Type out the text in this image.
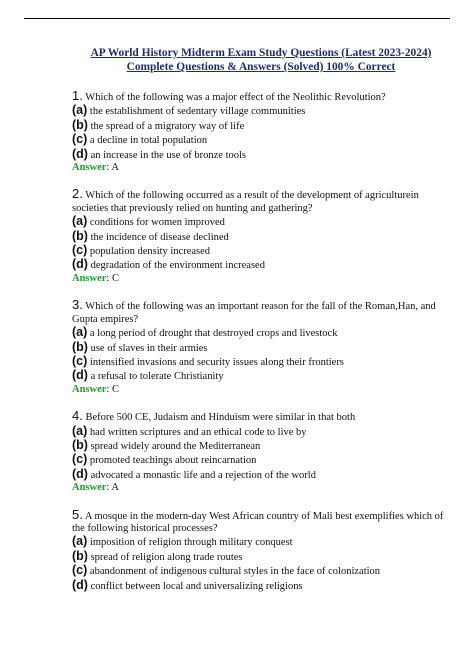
AP World History Midterm Exam Study Questions (Latest 2023-2024)
Complete Questions & Answers (Solved) 100% Correct

1. Which of the following was a major effect of the Neolithic Revolution?

(a) the establishment of sedentary village communities

(b) the spread of a migratory way of life

(c) a decline in total population

(d) an increase in the use of bronze tools

Answer: A

2. Which of the following occurred as a result of the development of agriculturein societies that previously relied on hunting and gathering?

(a) conditions for women improved

(b) the incidence of disease declined

(c) population density increased

(d) degradation of the environment increased

Answer: C

3. Which of the following was an important reason for the fall of the Roman,Han, and Gupta empires?

(a) a long period of drought that destroyed crops and livestock

(b) use of slaves in their armies

(c) intensified invasions and security issues along their frontiers

(d) a refusal to tolerate Christianity

Answer: C

4. Before 500 CE, Judaism and Hinduism were similar in that both

(a) had written scriptures and an ethical code to live by

(b) spread widely around the Mediterranean

(c) promoted teachings about reincarnation

(d) advocated a monastic life and a rejection of the world

Answer: A

5. A mosque in the modern-day West African country of Mali best exemplifies which of the following historical processes?

(a) imposition of religion through military conquest

(b) spread of religion along trade routes

(c) abandonment of indigenous cultural styles in the face of colonization

(d) conflict between local and universalizing religions
